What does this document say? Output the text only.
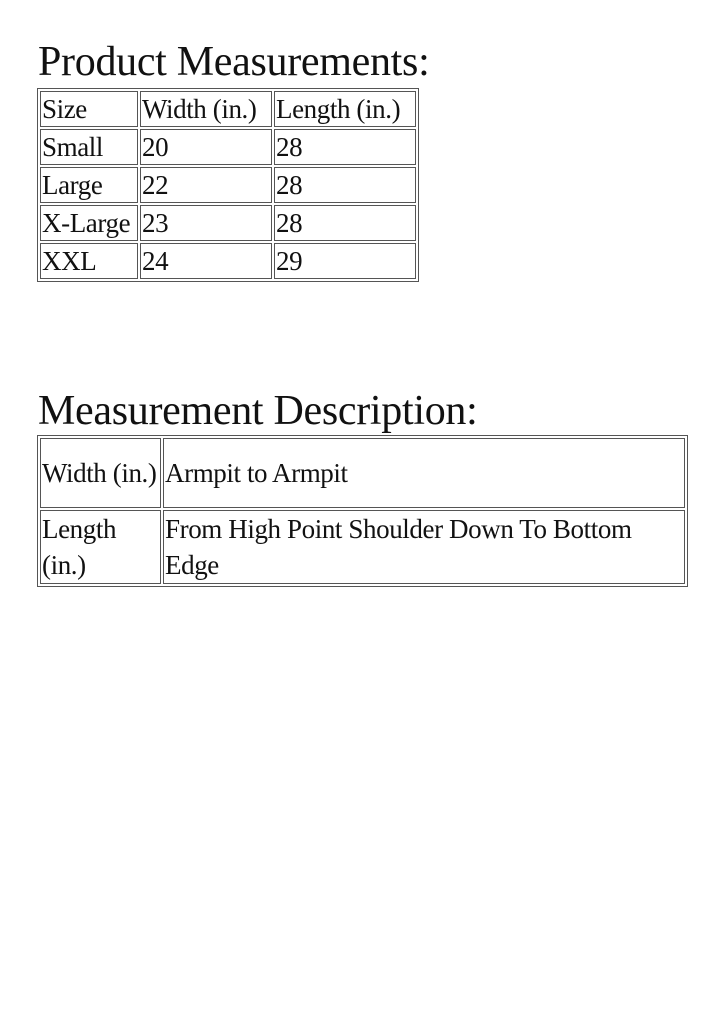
Product Measurements:
Size	Width (in.)	Length (in.)
Small	20	28
Large	22	28
X-Large	23	28
XXL	24	29
Measurement Description:
Width (in.)	Armpit to Armpit
Length (in.)	From High Point Shoulder Down To Bottom Edge
